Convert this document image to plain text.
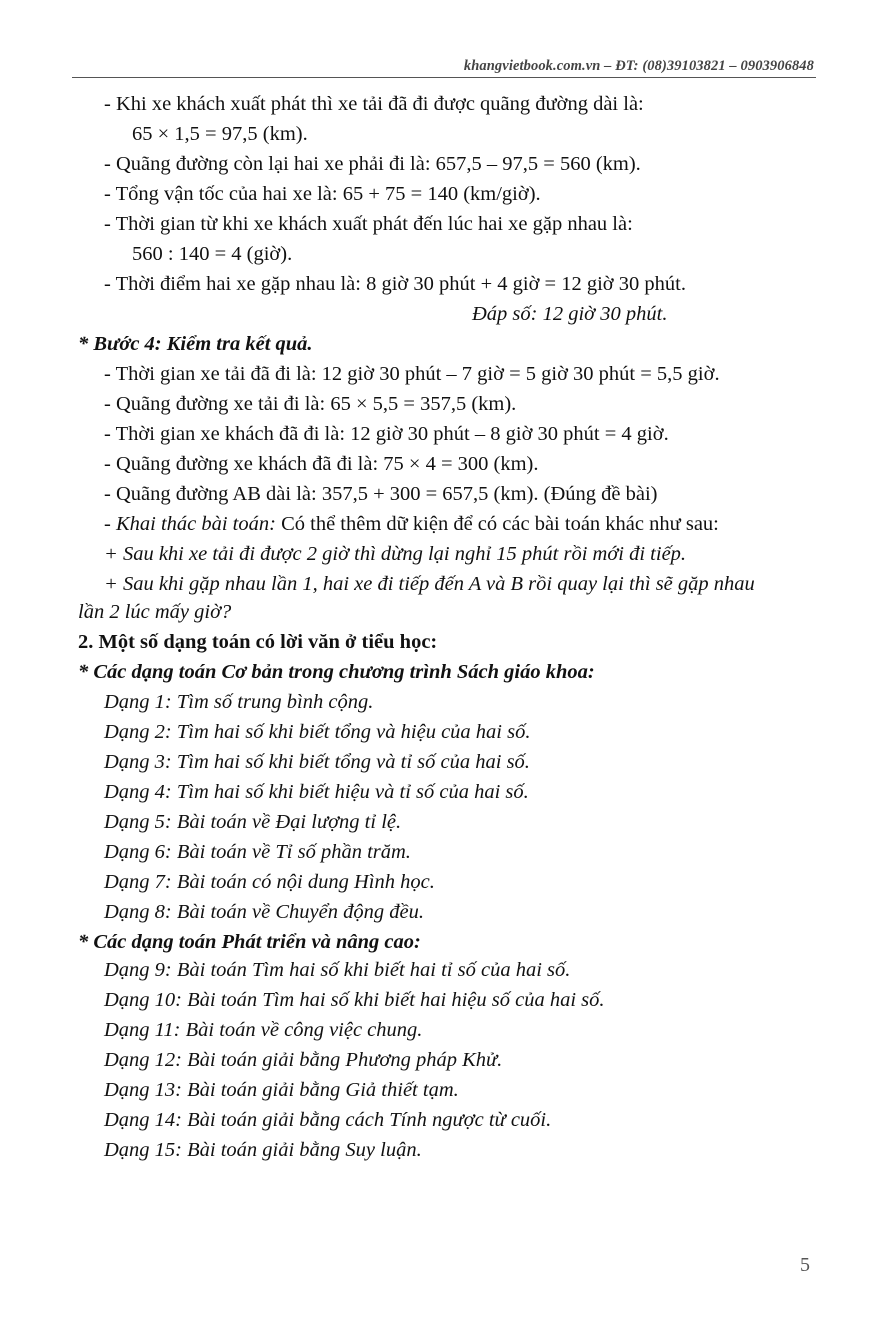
khangvietbook.com.vn – ĐT: (08)39103821 – 0903906848
- Khi xe khách xuất phát thì xe tải đã đi được quãng đường dài là:
65 × 1,5 = 97,5 (km).
- Quãng đường còn lại hai xe phải đi là: 657,5 – 97,5 = 560 (km).
- Tổng vận tốc của hai xe là: 65 + 75 = 140 (km/giờ).
- Thời gian từ khi xe khách xuất phát đến lúc hai xe gặp nhau là:
560 : 140 = 4 (giờ).
- Thời điểm hai xe gặp nhau là: 8 giờ 30 phút + 4 giờ = 12 giờ 30 phút.
Đáp số: 12 giờ 30 phút.
* Bước 4: Kiểm tra kết quả.
- Thời gian xe tải đã đi là: 12 giờ 30 phút – 7 giờ = 5 giờ 30 phút = 5,5 giờ.
- Quãng đường xe tải đi là: 65 × 5,5 = 357,5 (km).
- Thời gian xe khách đã đi là: 12 giờ 30 phút – 8 giờ 30 phút = 4 giờ.
- Quãng đường xe khách đã đi là: 75 × 4 = 300 (km).
- Quãng đường AB dài là: 357,5 + 300 = 657,5 (km). (Đúng đề bài)
- Khai thác bài toán: Có thể thêm dữ kiện để có các bài toán khác như sau:
+ Sau khi xe tải đi được 2 giờ thì dừng lại nghỉ 15 phút rồi mới đi tiếp.
+ Sau khi gặp nhau lần 1, hai xe đi tiếp đến A và B rồi quay lại thì sẽ gặp nhau
lần 2 lúc mấy giờ?
2. Một số dạng toán có lời văn ở tiểu học:
* Các dạng toán Cơ bản trong chương trình Sách giáo khoa:
Dạng 1: Tìm số trung bình cộng.
Dạng 2: Tìm hai số khi biết tổng và hiệu của hai số.
Dạng 3: Tìm hai số khi biết tổng và tỉ số của hai số.
Dạng 4: Tìm hai số khi biết hiệu và tỉ số của hai số.
Dạng 5: Bài toán về Đại lượng tỉ lệ.
Dạng 6: Bài toán về Tỉ số phần trăm.
Dạng 7: Bài toán có nội dung Hình học.
Dạng 8: Bài toán về Chuyển động đều.
* Các dạng toán Phát triển và nâng cao:
Dạng 9: Bài toán Tìm hai số khi biết hai tỉ số của hai số.
Dạng 10: Bài toán Tìm hai số khi biết hai hiệu số của hai số.
Dạng 11: Bài toán về công việc chung.
Dạng 12: Bài toán giải bằng Phương pháp Khử.
Dạng 13: Bài toán giải bằng Giả thiết tạm.
Dạng 14: Bài toán giải bằng cách Tính ngược từ cuối.
Dạng 15: Bài toán giải bằng Suy luận.
5
